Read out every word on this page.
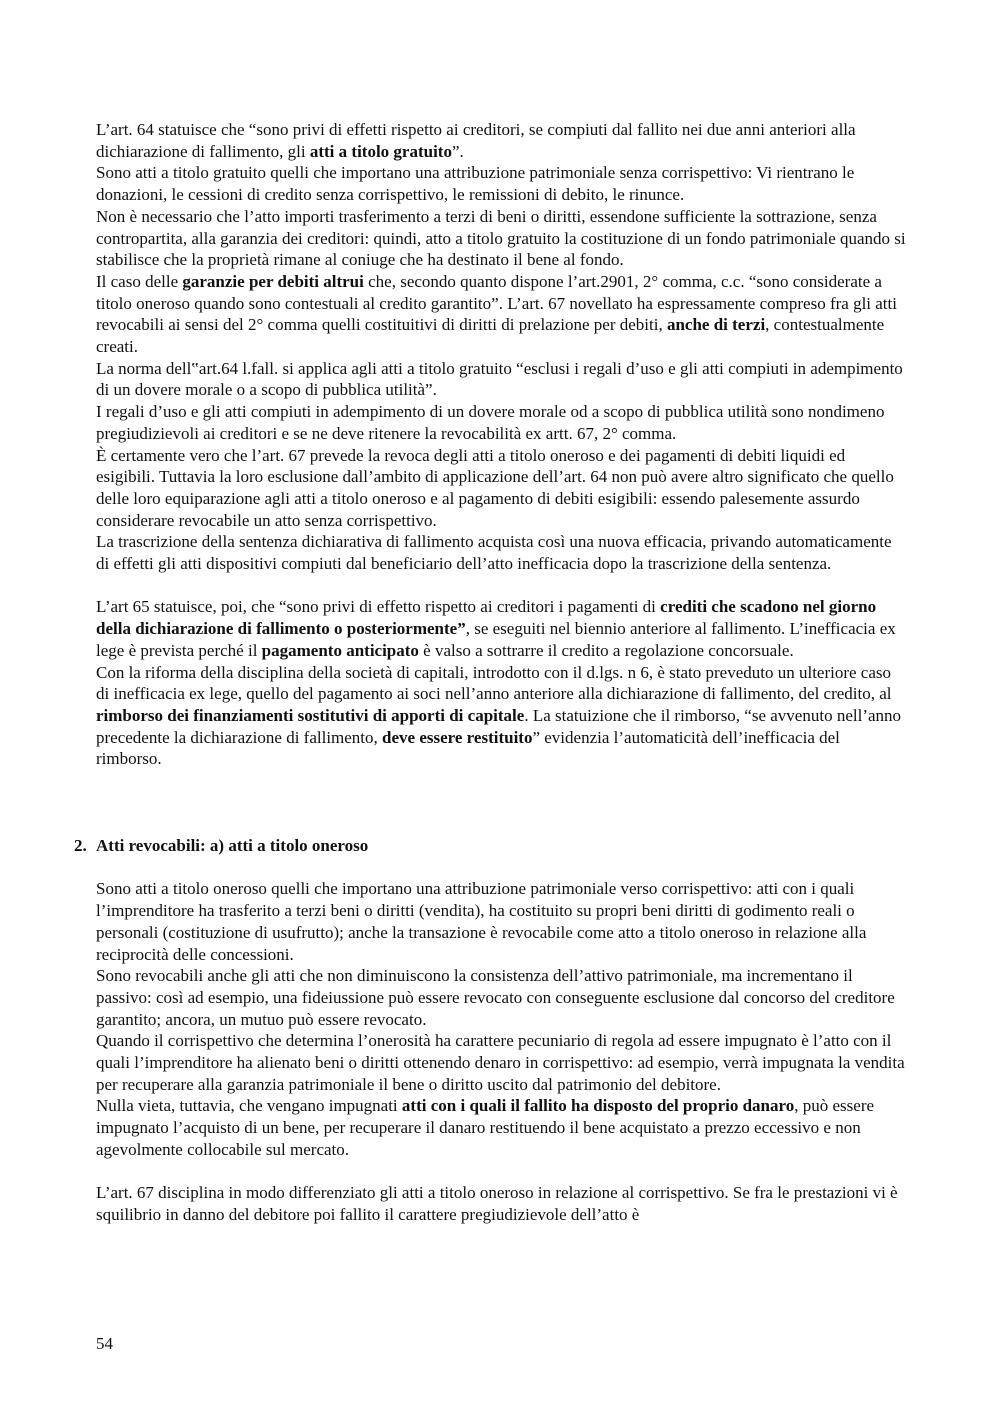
L’art. 64 statuisce che “sono privi di effetti rispetto ai creditori, se compiuti dal fallito nei due anni anteriori alla dichiarazione di fallimento, gli atti a titolo gratuito”.

Sono atti a titolo gratuito quelli che importano una attribuzione patrimoniale senza corrispettivo: Vi rientrano le donazioni, le cessioni di credito senza corrispettivo, le remissioni di debito, le rinunce.

Non è necessario che l’atto importi trasferimento a terzi di beni o diritti, essendone sufficiente la sottrazione, senza contropartita, alla garanzia dei creditori: quindi, atto a titolo gratuito la costituzione di un fondo patrimoniale quando si stabilisce che la proprietà rimane al coniuge che ha destinato il bene al fondo.

Il caso delle garanzie per debiti altrui che, secondo quanto dispone l’art.2901, 2° comma, c.c. “sono considerate a titolo oneroso quando sono contestuali al credito garantito”. L’art. 67 novellato ha espressamente compreso fra gli atti revocabili ai sensi del 2° comma quelli costituitivi di diritti di prelazione per debiti, anche di terzi, contestualmente creati.

La norma dell‟art.64 l.fall. si applica agli atti a titolo gratuito “esclusi i regali d’uso e gli atti compiuti in adempimento di un dovere morale o a scopo di pubblica utilità”.

I regali d’uso e gli atti compiuti in adempimento di un dovere morale od a scopo di pubblica utilità sono nondimeno pregiudizievoli ai creditori e se ne deve ritenere la revocabilità ex artt. 67, 2° comma.

È certamente vero che l’art. 67 prevede la revoca degli atti a titolo oneroso e dei pagamenti di debiti liquidi ed esigibili. Tuttavia la loro esclusione dall’ambito di applicazione dell’art. 64 non può avere altro significato che quello delle loro equiparazione agli atti a titolo oneroso e al pagamento di debiti esigibili: essendo palesemente assurdo considerare revocabile un atto senza corrispettivo.

La trascrizione della sentenza dichiarativa di fallimento acquista così una nuova efficacia, privando automaticamente di effetti gli atti dispositivi compiuti dal beneficiario dell’atto inefficacia dopo la trascrizione della sentenza.

L’art 65 statuisce, poi, che “sono privi di effetto rispetto ai creditori i pagamenti di crediti che scadono nel giorno della dichiarazione di fallimento o posteriormente”, se eseguiti nel biennio anteriore al fallimento. L’inefficacia ex lege è prevista perché il pagamento anticipato è valso a sottrarre il credito a regolazione concorsuale.

Con la riforma della disciplina della società di capitali, introdotto con il d.lgs. n 6, è stato preveduto un ulteriore caso di inefficacia ex lege, quello del pagamento ai soci nell’anno anteriore alla dichiarazione di fallimento, del credito, al rimborso dei finanziamenti sostitutivi di apporti di capitale. La statuizione che il rimborso, “se avvenuto nell’anno precedente la dichiarazione di fallimento, deve essere restituito” evidenzia l’automaticità dell’inefficacia del rimborso.

2. Atti revocabili: a) atti a titolo oneroso

Sono atti a titolo oneroso quelli che importano una attribuzione patrimoniale verso corrispettivo: atti con i quali l’imprenditore ha trasferito a terzi beni o diritti (vendita), ha costituito su propri beni diritti di godimento reali o personali (costituzione di usufrutto); anche la transazione è revocabile come atto a titolo oneroso in relazione alla reciprocità delle concessioni.

Sono revocabili anche gli atti che non diminuiscono la consistenza dell’attivo patrimoniale, ma incrementano il passivo: così ad esempio, una fideiussione può essere revocato con conseguente esclusione dal concorso del creditore garantito; ancora, un mutuo può essere revocato.

Quando il corrispettivo che determina l’onerosità ha carattere pecuniario di regola ad essere impugnato è l’atto con il quali l’imprenditore ha alienato beni o diritti ottenendo denaro in corrispettivo: ad esempio, verrà impugnata la vendita per recuperare alla garanzia patrimoniale il bene o diritto uscito dal patrimonio del debitore.

Nulla vieta, tuttavia, che vengano impugnati atti con i quali il fallito ha disposto del proprio danaro, può essere impugnato l’acquisto di un bene, per recuperare il danaro restituendo il bene acquistato a prezzo eccessivo e non agevolmente collocabile sul mercato.

L’art. 67 disciplina in modo differenziato gli atti a titolo oneroso in relazione al corrispettivo. Se fra le prestazioni vi è squilibrio in danno del debitore poi fallito il carattere pregiudizievole dell’atto è

54
